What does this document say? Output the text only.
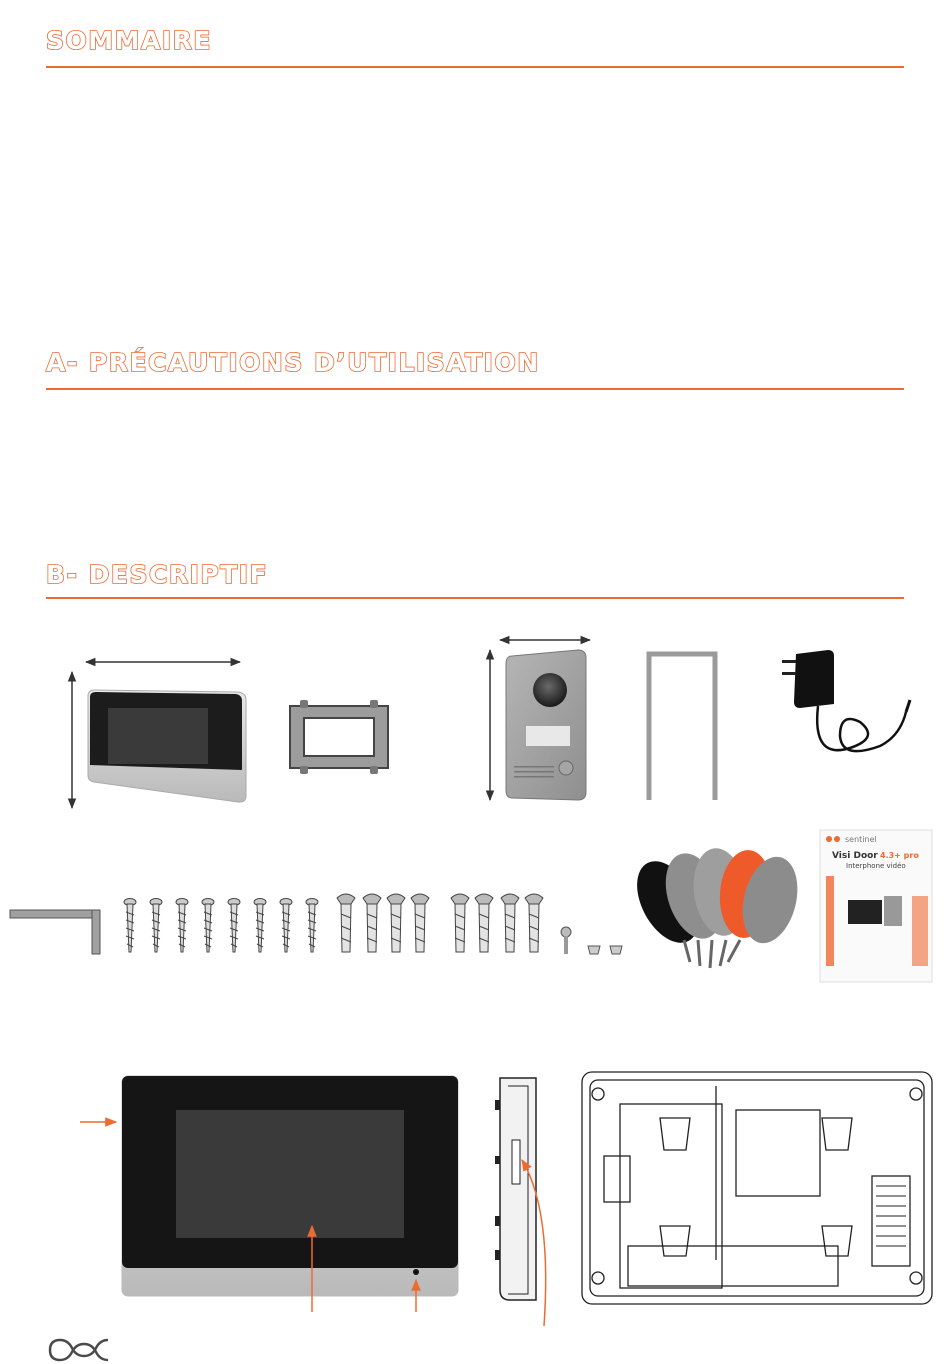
SOMMAIRE
A- PRÉCAUTIONS D’UTILISATION
B- DESCRIPTIF
sentinel
Visi Door 4.3+ pro
Interphone vidéo
